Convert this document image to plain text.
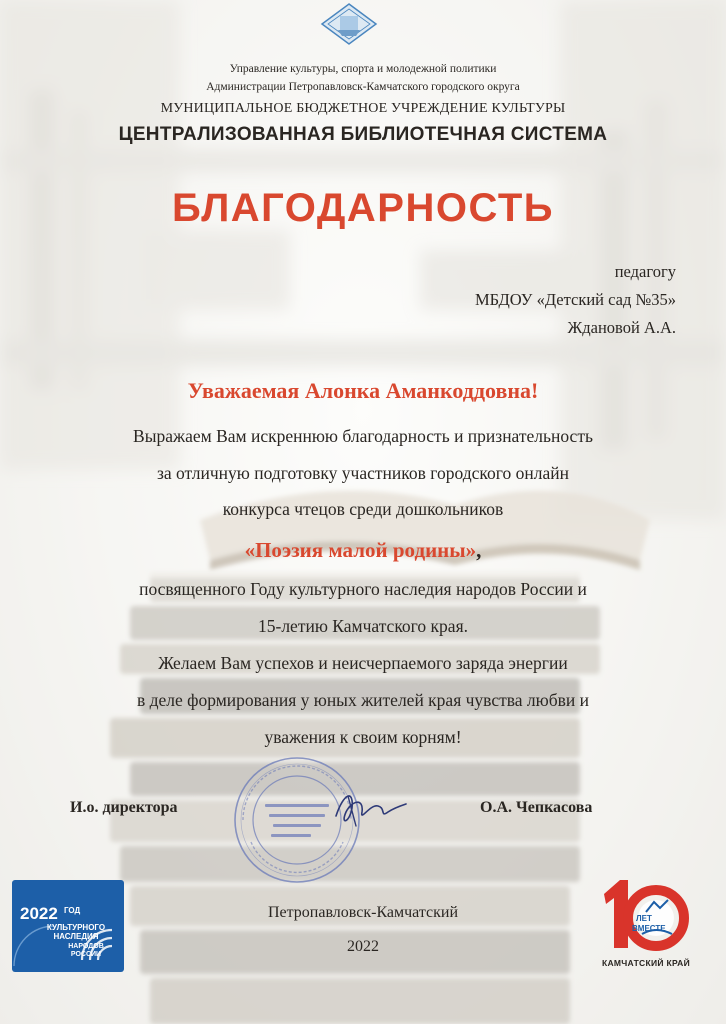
Управление культуры, спорта и молодежной политики
Администрации Петропавловск-Камчатского городского округа
МУНИЦИПАЛЬНОЕ БЮДЖЕТНОЕ УЧРЕЖДЕНИЕ КУЛЬТУРЫ
ЦЕНТРАЛИЗОВАННАЯ БИБЛИОТЕЧНАЯ СИСТЕМА
БЛАГОДАРНОСТЬ
педагогу
МБДОУ «Детский сад №35»
Ждановой А.А.
Уважаемая Алонка Аманкоддовна!
Выражаем Вам искреннюю благодарность и признательность
за отличную подготовку участников городского онлайн
конкурса чтецов среди дошкольников
«Поэзия малой родины»,
посвященного Году культурного наследия народов России и
15-летию Камчатского края.
Желаем Вам успехов и неисчерпаемого заряда энергии
в деле формирования у юных жителей края чувства любви и
уважения к своим корням!
И.о. директора	О.А. Чепкасова
Петропавловск-Камчатский
2022
2022 ГОД
КУЛЬТУРНОГО НАСЛЕДИЯ
НАРОДОВ РОССИИ
ЛЕТ
ВМЕСТЕ
КАМЧАТСКИЙ КРАЙ
